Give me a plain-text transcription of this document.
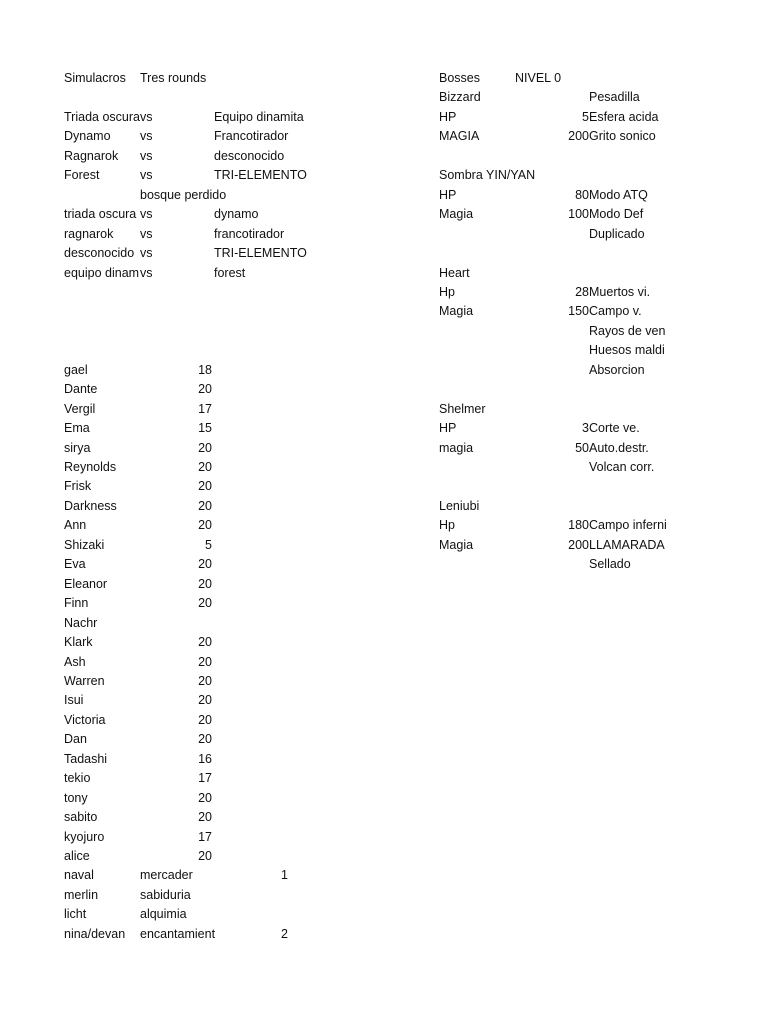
Simulacros	Tres rounds
Triada oscura vs	Equipo dinamita
Dynamo	vs	Francotirador
Ragnarok	vs	desconocido
Forest	vs	TRI-ELEMENTO
bosque perdido
triada oscura vs	dynamo
ragnarok	vs	francotirador
desconocido vs	TRI-ELEMENTO
equipo dinam vs	forest
gael	18
Dante	20
Vergil	17
Ema	15
sirya	20
Reynolds	20
Frisk	20
Darkness	20
Ann	20
Shizaki	5
Eva	20
Eleanor	20
Finn	20
Nachr
Klark	20
Ash	20
Warren	20
Isui	20
Victoria	20
Dan	20
Tadashi	16
tekio	17
tony	20
sabito	20
kyojuro	17
alice	20
naval	mercader	1
merlin	sabiduria
licht	alquimia
nina/devan	encantamient	2
Bosses	NIVEL 0
Bizzard	Pesadilla
HP	5 Esfera acida
MAGIA	200 Grito sonico
Sombra YIN/YAN
HP	80 Modo ATQ
Magia	100 Modo Def
Duplicado
Heart
Hp	28 Muertos vi.
Magia	150 Campo v.
Rayos de ven
Huesos maldi
Absorcion
Shelmer
HP	3 Corte ve.
magia	50 Auto.destr.
Volcan corr.
Leniubi
Hp	180 Campo inferni
Magia	200 LLAMARADA
Sellado
